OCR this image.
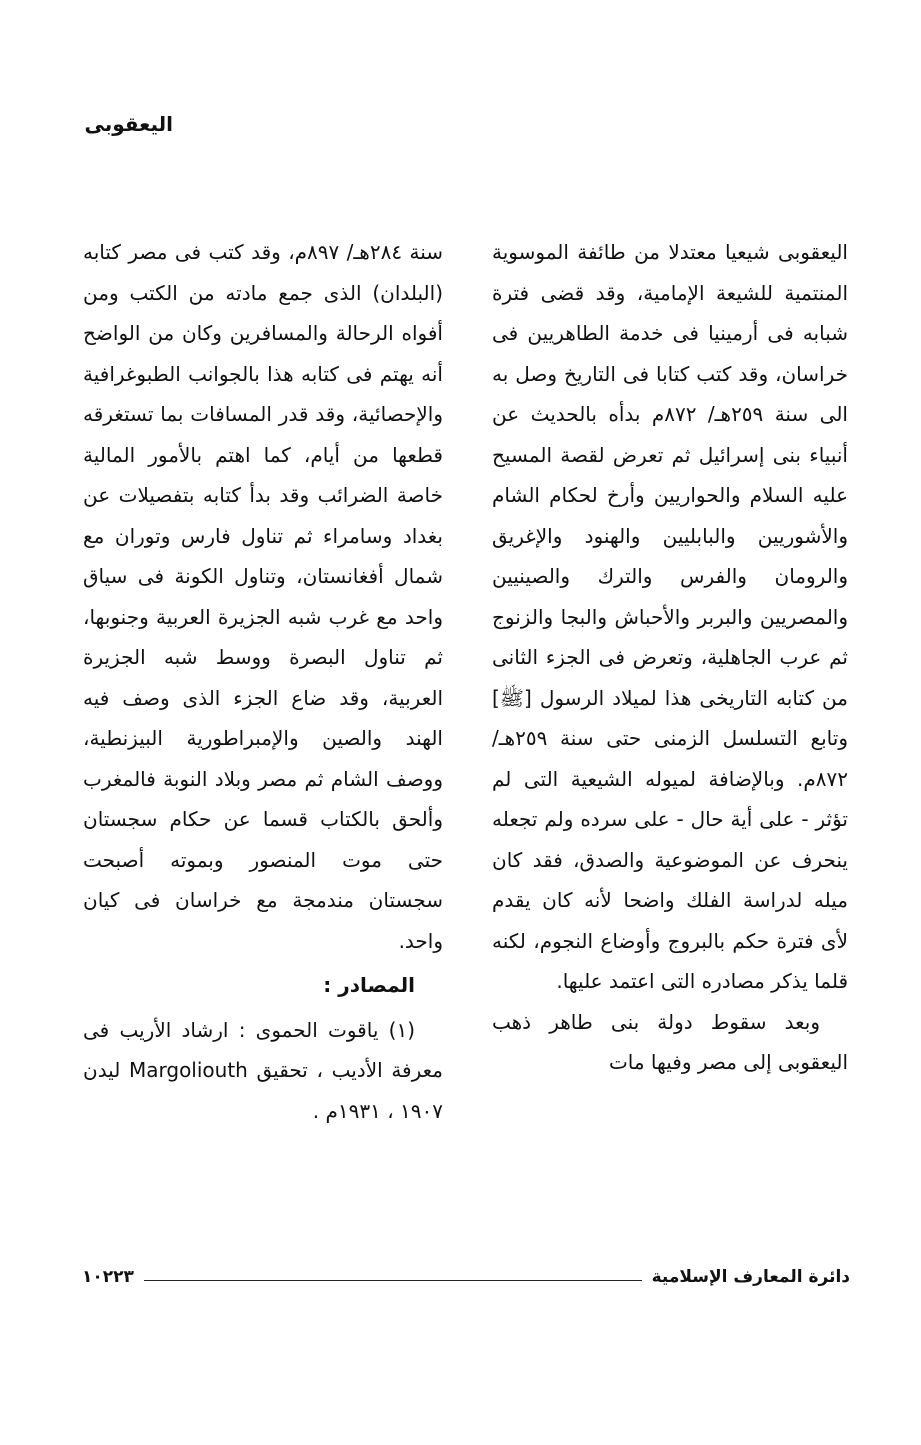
اليعقوبى

اليعقوبى شيعيا معتدلا من طائفة الموسوية المنتمية للشيعة الإمامية، وقد قضى فترة شبابه فى أرمينيا فى خدمة الطاهريين فى خراسان، وقد كتب كتابا فى التاريخ وصل به الى سنة ٢٥٩هـ/ ٨٧٢م بدأه بالحديث عن أنبياء بنى إسرائيل ثم تعرض لقصة المسيح عليه السلام والحواريين وأرخ لحكام الشام والأشوريين والبابليين والهنود والإغريق والرومان والفرس والترك والصينيين والمصريين والبربر والأحباش والبجا والزنوج ثم عرب الجاهلية، وتعرض فى الجزء الثانى من كتابه التاريخى هذا لميلاد الرسول [ﷺ] وتابع التسلسل الزمنى حتى سنة ٢٥٩هـ/ ٨٧٢م. وبالإضافة لميوله الشيعية التى لم تؤثر - على أية حال - على سرده ولم تجعله ينحرف عن الموضوعية والصدق، فقد كان ميله لدراسة الفلك واضحا لأنه كان يقدم لأى فترة حكم بالبروج وأوضاع النجوم، لكنه قلما يذكر مصادره التى اعتمد عليها.

وبعد سقوط دولة بنى طاهر ذهب اليعقوبى إلى مصر وفيها مات

سنة ٢٨٤هـ/ ٨٩٧م، وقد كتب فى مصر كتابه (البلدان) الذى جمع مادته من الكتب ومن أفواه الرحالة والمسافرين وكان من الواضح أنه يهتم فى كتابه هذا بالجوانب الطبوغرافية والإحصائية، وقد قدر المسافات بما تستغرقه قطعها من أيام، كما اهتم بالأمور المالية خاصة الضرائب وقد بدأ كتابه بتفصيلات عن بغداد وسامراء ثم تناول فارس وتوران مع شمال أفغانستان، وتناول الكونة فى سياق واحد مع غرب شبه الجزيرة العربية وجنوبها، ثم تناول البصرة ووسط شبه الجزيرة العربية، وقد ضاع الجزء الذى وصف فيه الهند والصين والإمبراطورية البيزنطية، ووصف الشام ثم مصر وبلاد النوبة فالمغرب وألحق بالكتاب قسما عن حكام سجستان حتى موت المنصور وبموته أصبحت سجستان مندمجة مع خراسان فى كيان واحد.

المصادر :

(١) ياقوت الحموى : ارشاد الأريب فى معرفة الأديب ، تحقيق Margoliouth ليدن ١٩٠٧ ، ١٩٣١م .

١٠٢٢٣	دائرة المعارف الإسلامية
